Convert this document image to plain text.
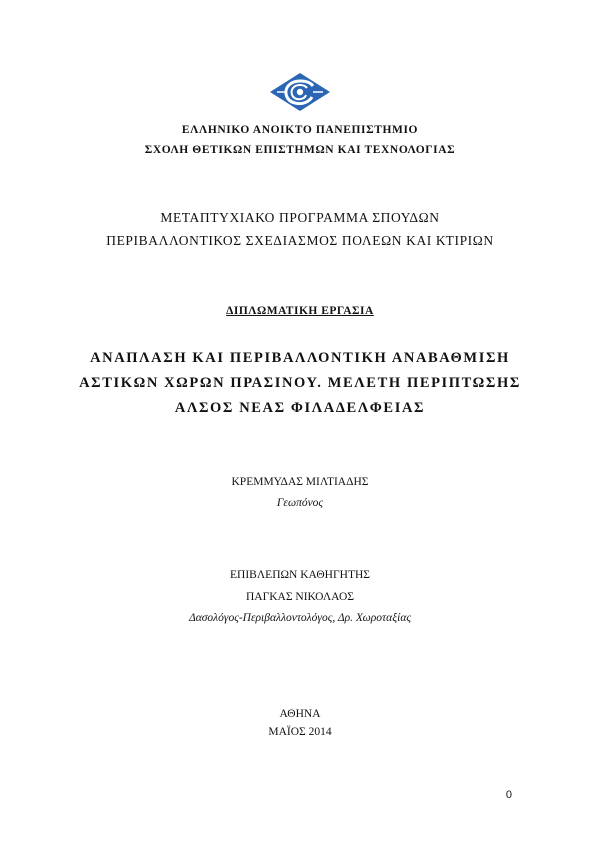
ΕΛΛΗΝΙΚΟ ΑΝΟΙΚΤΟ ΠΑΝΕΠΙΣΤΗΜΙΟ
ΣΧΟΛΗ ΘΕΤΙΚΩΝ ΕΠΙΣΤΗΜΩΝ ΚΑΙ ΤΕΧΝΟΛΟΓΙΑΣ
ΜΕΤΑΠΤΥΧΙΑΚΟ ΠΡΟΓΡΑΜΜΑ ΣΠΟΥΔΩΝ
ΠΕΡΙΒΑΛΛΟΝΤΙΚΟΣ ΣΧΕΔΙΑΣΜΟΣ ΠΟΛΕΩΝ ΚΑΙ ΚΤΙΡΙΩΝ
ΔΙΠΛΩΜΑΤΙΚΗ ΕΡΓΑΣΙΑ
ΑΝΑΠΛΑΣΗ ΚΑΙ ΠΕΡΙΒΑΛΛΟΝΤΙΚΗ ΑΝΑΒΑΘΜΙΣΗ
ΑΣΤΙΚΩΝ ΧΩΡΩΝ ΠΡΑΣΙΝΟΥ. ΜΕΛΕΤΗ ΠΕΡΙΠΤΩΣΗΣ
ΑΛΣΟΣ ΝΕΑΣ ΦΙΛΑΔΕΛΦΕΙΑΣ
ΚΡΕΜΜΥΔΑΣ ΜΙΛΤΙΑΔΗΣ
Γεωπόνος
ΕΠΙΒΛΕΠΩΝ ΚΑΘΗΓΗΤΗΣ
ΠΑΓΚΑΣ ΝΙΚΟΛΑΟΣ
Δασολόγος-Περιβαλλοντολόγος, Δρ. Χωροταξίας
ΑΘΗΝΑ
ΜΑΪΟΣ 2014
0
